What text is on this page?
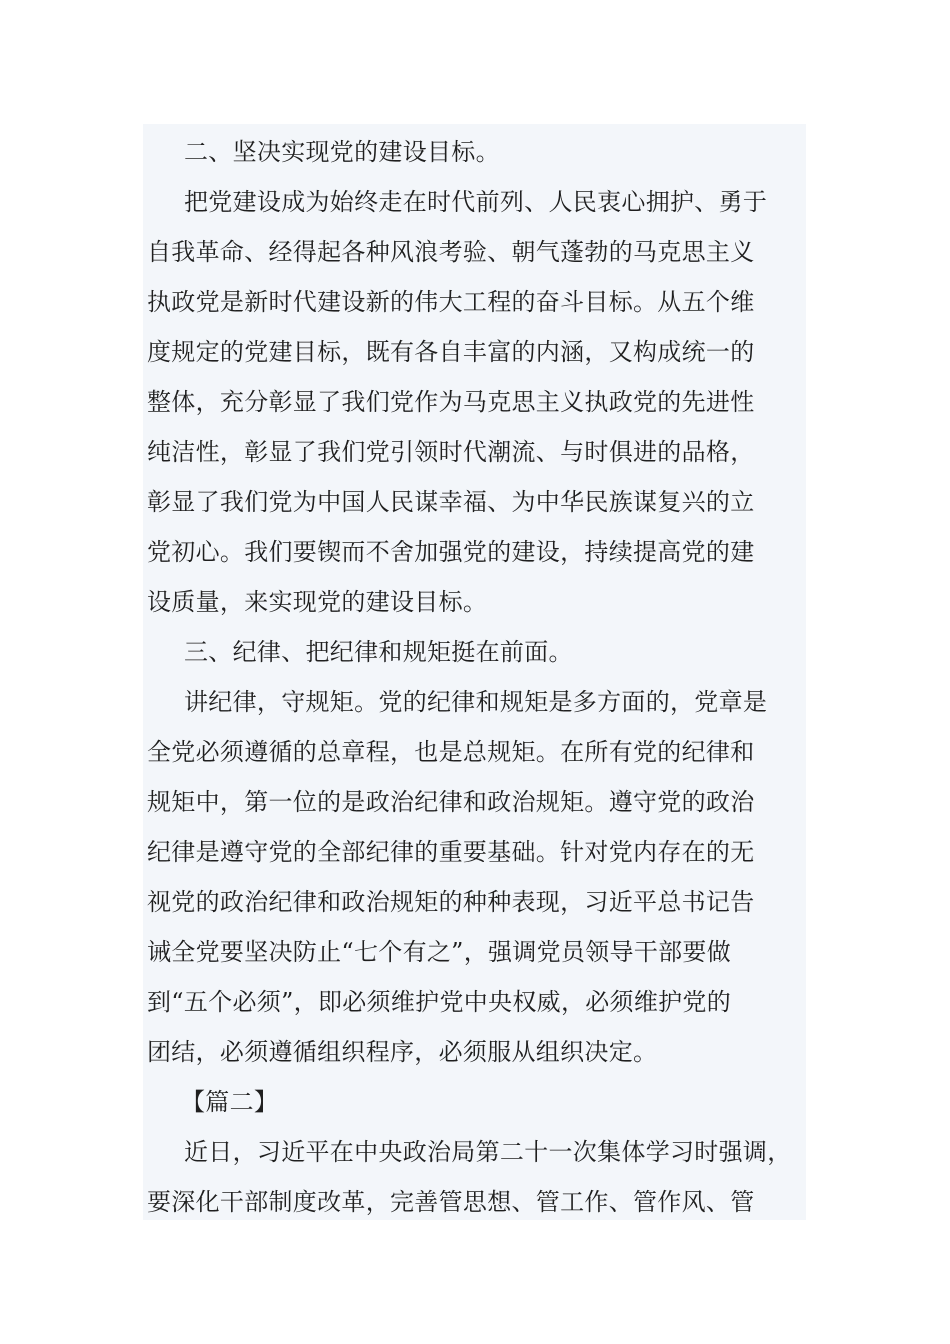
二、坚决实现党的建设目标。
把党建设成为始终走在时代前列、人民衷心拥护、勇于
自我革命、经得起各种风浪考验、朝气蓬勃的马克思主义
执政党是新时代建设新的伟大工程的奋斗目标。从五个维
度规定的党建目标，既有各自丰富的内涵，又构成统一的
整体，充分彰显了我们党作为马克思主义执政党的先进性
纯洁性，彰显了我们党引领时代潮流、与时俱进的品格，
彰显了我们党为中国人民谋幸福、为中华民族谋复兴的立
党初心。我们要锲而不舍加强党的建设，持续提高党的建
设质量，来实现党的建设目标。
三、纪律、把纪律和规矩挺在前面。
讲纪律，守规矩。党的纪律和规矩是多方面的，党章是
全党必须遵循的总章程，也是总规矩。在所有党的纪律和
规矩中，第一位的是政治纪律和政治规矩。遵守党的政治
纪律是遵守党的全部纪律的重要基础。针对党内存在的无
视党的政治纪律和政治规矩的种种表现，习近平总书记告
诫全党要坚决防止“七个有之”，强调党员领导干部要做
到“五个必须”，即必须维护党中央权威，必须维护党的
团结，必须遵循组织程序，必须服从组织决定。
【篇二】
近日，习近平在中央政治局第二十一次集体学习时强调，
要深化干部制度改革，完善管思想、管工作、管作风、管
